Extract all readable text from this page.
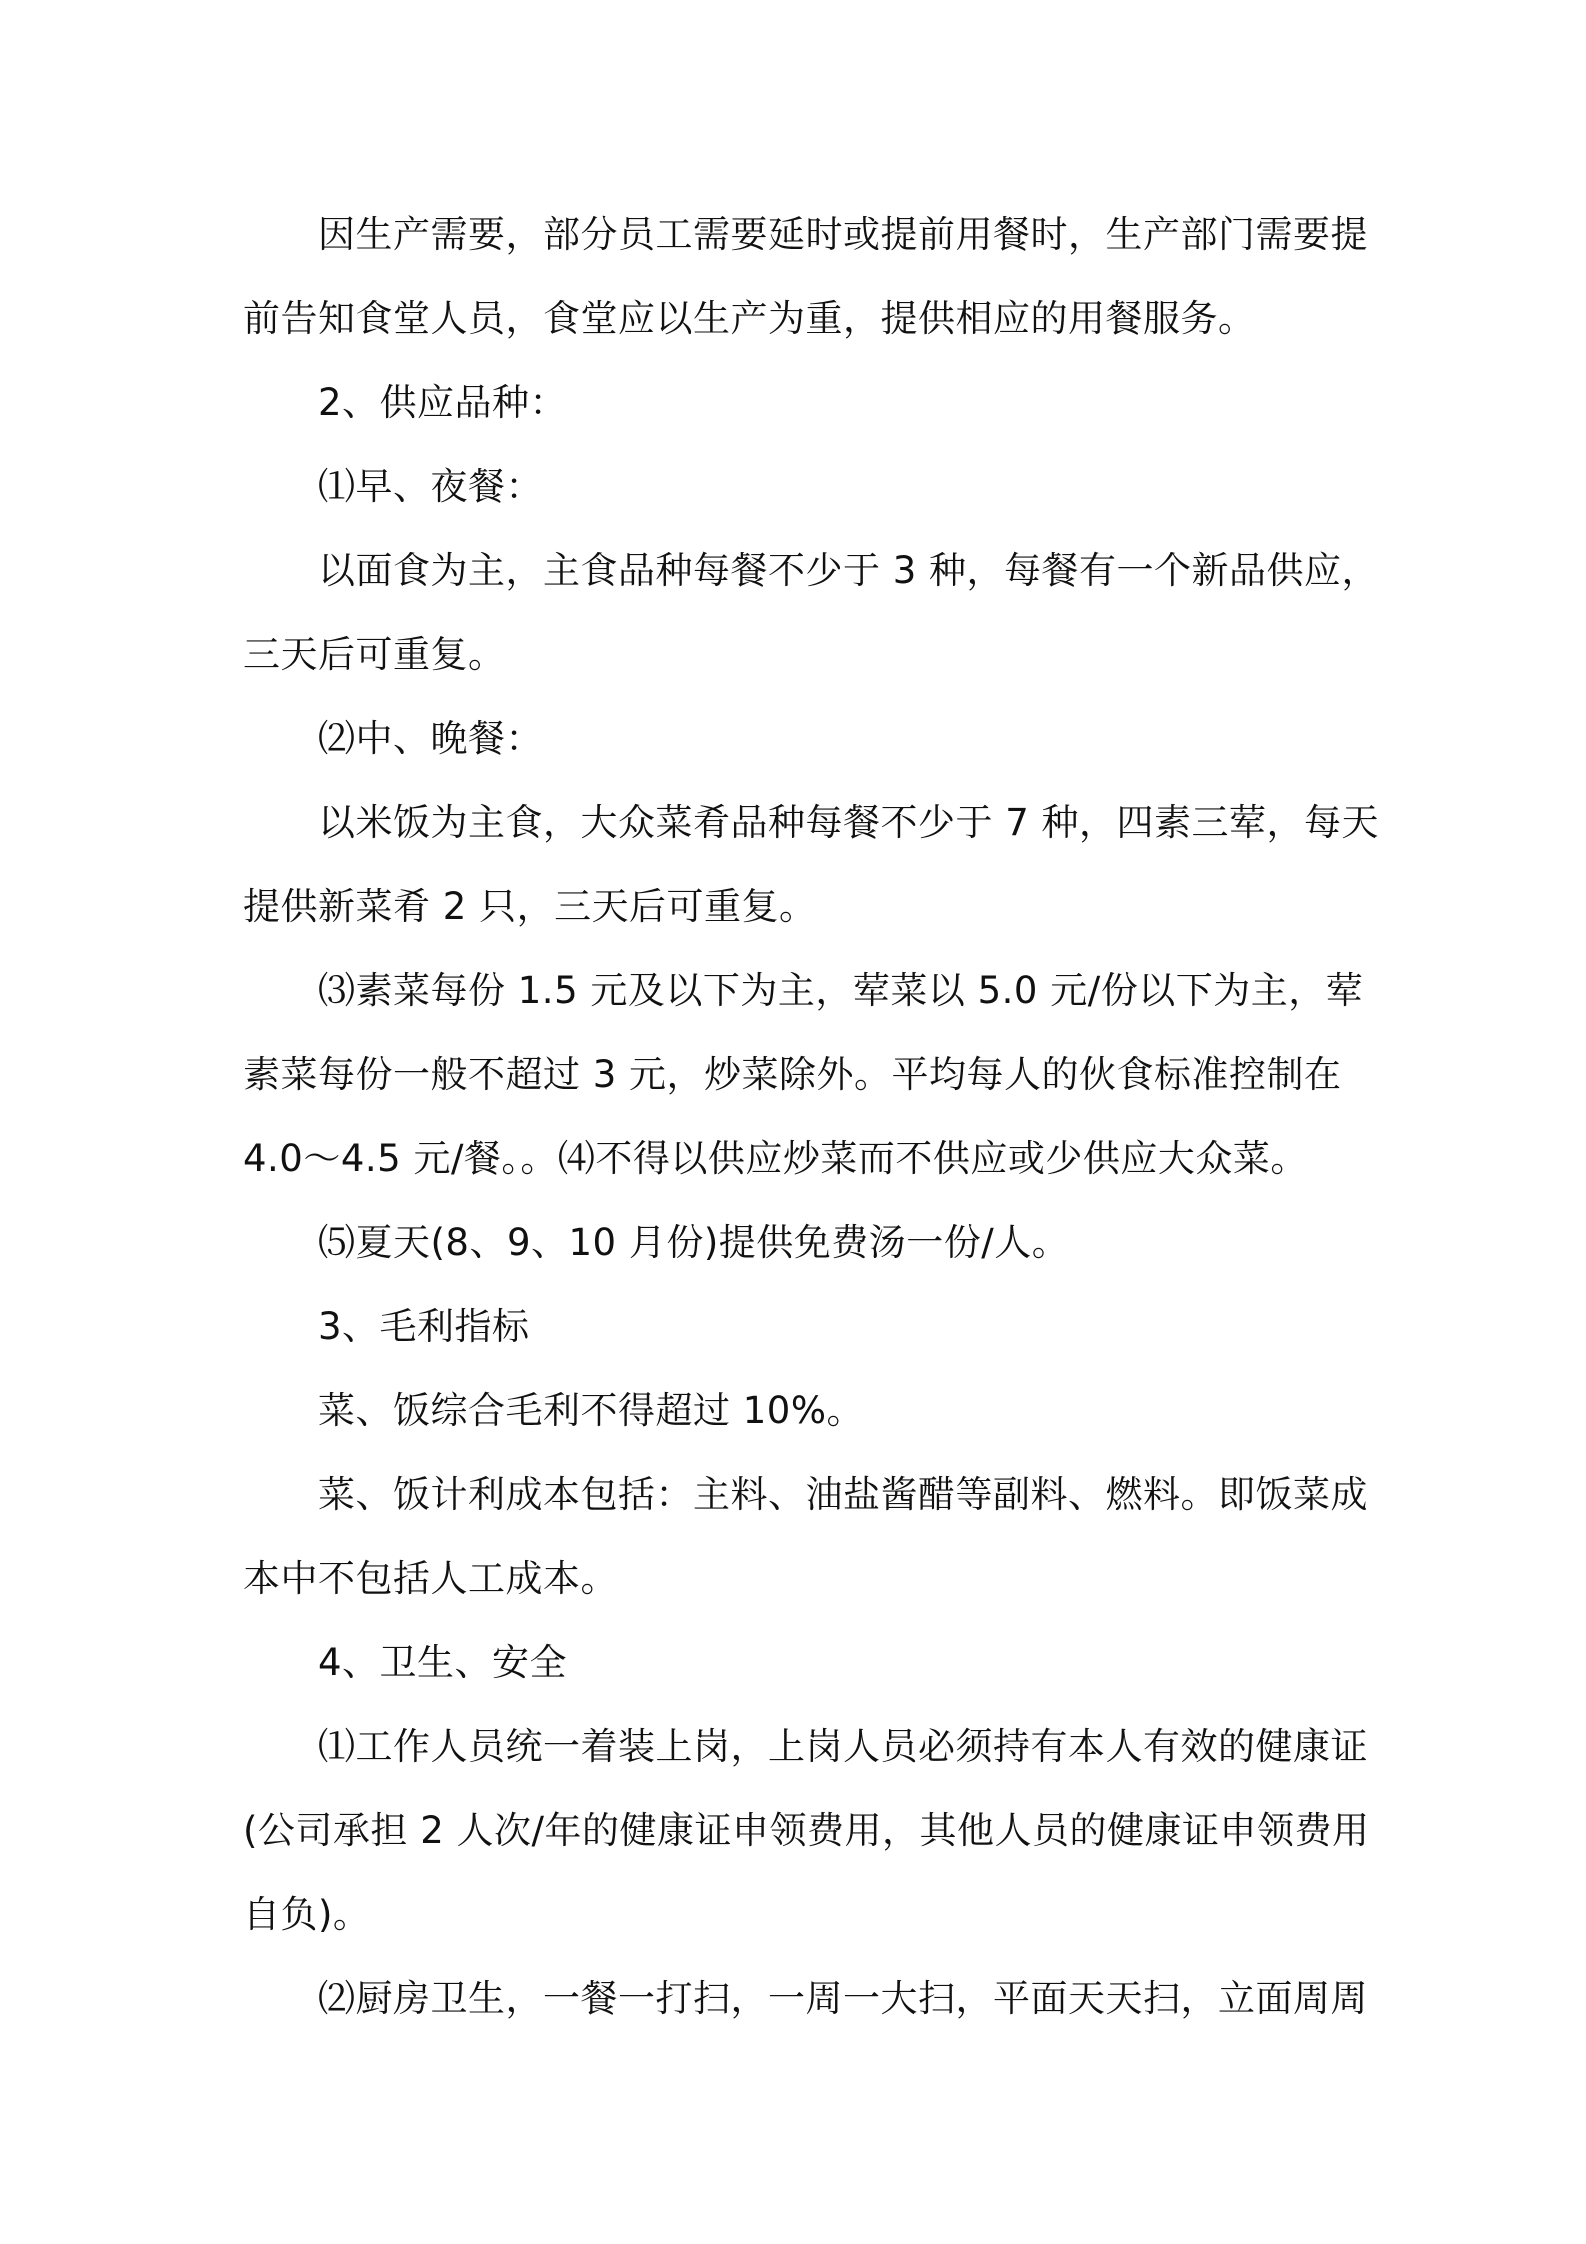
因生产需要，部分员工需要延时或提前用餐时，生产部门需要提
前告知食堂人员，食堂应以生产为重，提供相应的用餐服务。
2、供应品种：
⑴早、夜餐：
以面食为主，主食品种每餐不少于 3 种，每餐有一个新品供应，
三天后可重复。
⑵中、晚餐：
以米饭为主食，大众菜肴品种每餐不少于 7 种，四素三荤，每天
提供新菜肴 2 只，三天后可重复。
⑶素菜每份 1.5 元及以下为主，荤菜以 5.0 元/份以下为主，荤
素菜每份一般不超过 3 元，炒菜除外。平均每人的伙食标准控制在
4.0～4.5 元/餐。。⑷不得以供应炒菜而不供应或少供应大众菜。
⑸夏天(8、9、10 月份)提供免费汤一份/人。
3、毛利指标
菜、饭综合毛利不得超过 10%。
菜、饭计利成本包括：主料、油盐酱醋等副料、燃料。即饭菜成
本中不包括人工成本。
4、卫生、安全
⑴工作人员统一着装上岗，上岗人员必须持有本人有效的健康证
(公司承担 2 人次/年的健康证申领费用，其他人员的健康证申领费用
自负)。
⑵厨房卫生，一餐一打扫，一周一大扫，平面天天扫，立面周周
